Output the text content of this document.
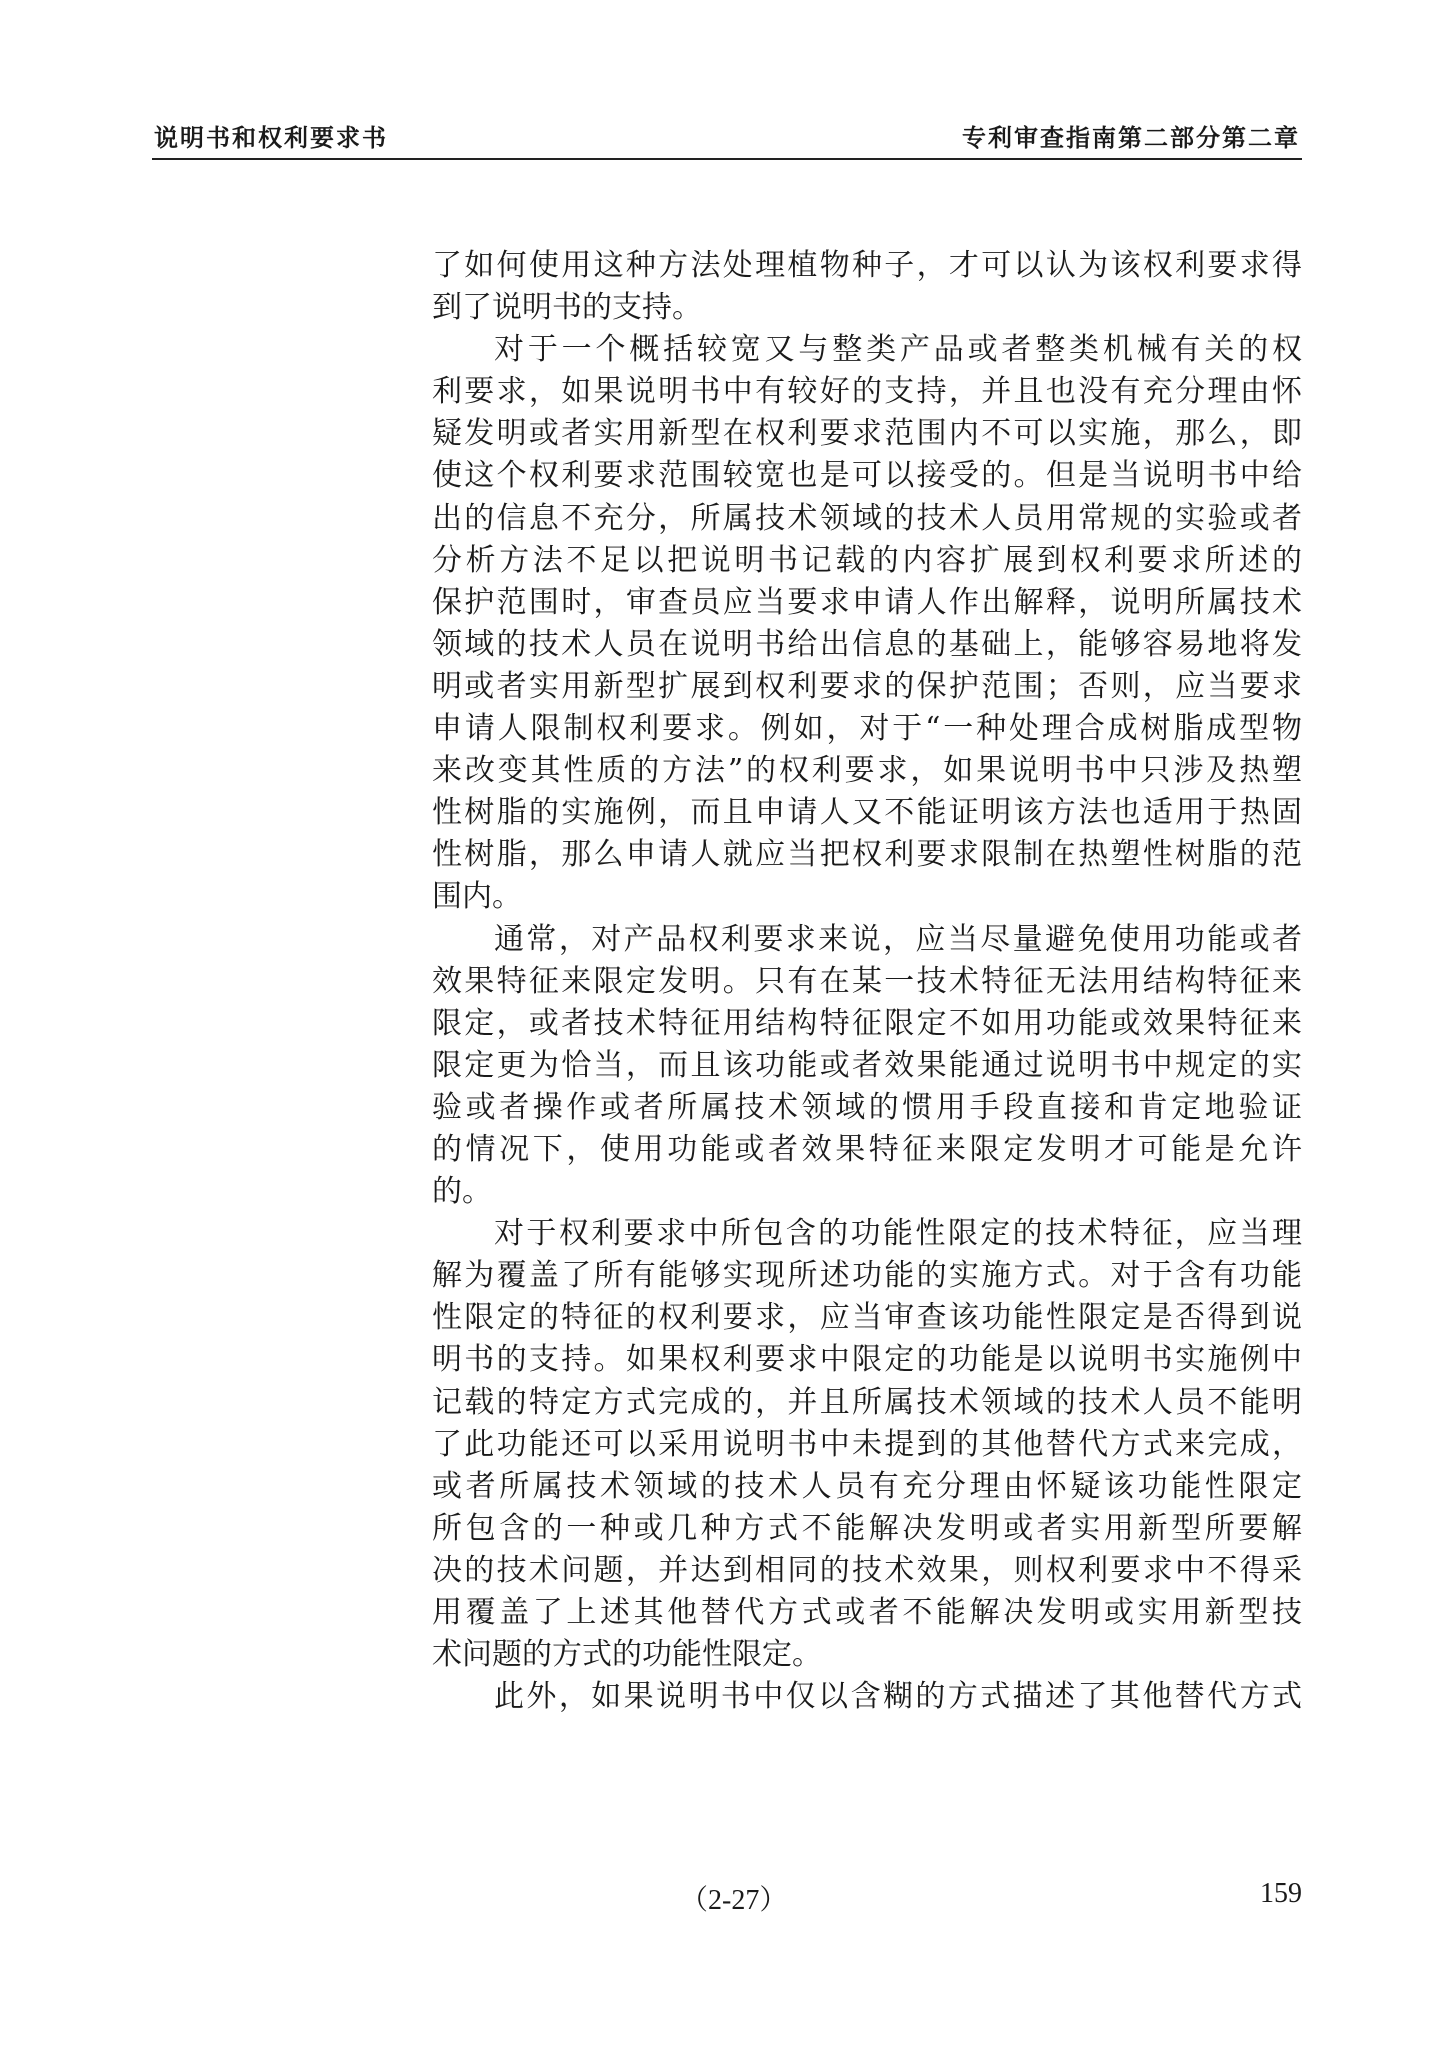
说明书和权利要求书	专利审查指南第二部分第二章
了如何使用这种方法处理植物种子，才可以认为该权利要求得
到了说明书的支持。
对于一个概括较宽又与整类产品或者整类机械有关的权
利要求，如果说明书中有较好的支持，并且也没有充分理由怀
疑发明或者实用新型在权利要求范围内不可以实施，那么，即
使这个权利要求范围较宽也是可以接受的。但是当说明书中给
出的信息不充分，所属技术领域的技术人员用常规的实验或者
分析方法不足以把说明书记载的内容扩展到权利要求所述的
保护范围时，审查员应当要求申请人作出解释，说明所属技术
领域的技术人员在说明书给出信息的基础上，能够容易地将发
明或者实用新型扩展到权利要求的保护范围；否则，应当要求
申请人限制权利要求。例如，对于“一种处理合成树脂成型物
来改变其性质的方法”的权利要求，如果说明书中只涉及热塑
性树脂的实施例，而且申请人又不能证明该方法也适用于热固
性树脂，那么申请人就应当把权利要求限制在热塑性树脂的范
围内。
通常，对产品权利要求来说，应当尽量避免使用功能或者
效果特征来限定发明。只有在某一技术特征无法用结构特征来
限定，或者技术特征用结构特征限定不如用功能或效果特征来
限定更为恰当，而且该功能或者效果能通过说明书中规定的实
验或者操作或者所属技术领域的惯用手段直接和肯定地验证
的情况下，使用功能或者效果特征来限定发明才可能是允许
的。
对于权利要求中所包含的功能性限定的技术特征，应当理
解为覆盖了所有能够实现所述功能的实施方式。对于含有功能
性限定的特征的权利要求，应当审查该功能性限定是否得到说
明书的支持。如果权利要求中限定的功能是以说明书实施例中
记载的特定方式完成的，并且所属技术领域的技术人员不能明
了此功能还可以采用说明书中未提到的其他替代方式来完成，
或者所属技术领域的技术人员有充分理由怀疑该功能性限定
所包含的一种或几种方式不能解决发明或者实用新型所要解
决的技术问题，并达到相同的技术效果，则权利要求中不得采
用覆盖了上述其他替代方式或者不能解决发明或实用新型技
术问题的方式的功能性限定。
此外，如果说明书中仅以含糊的方式描述了其他替代方式
（2-27）	159
